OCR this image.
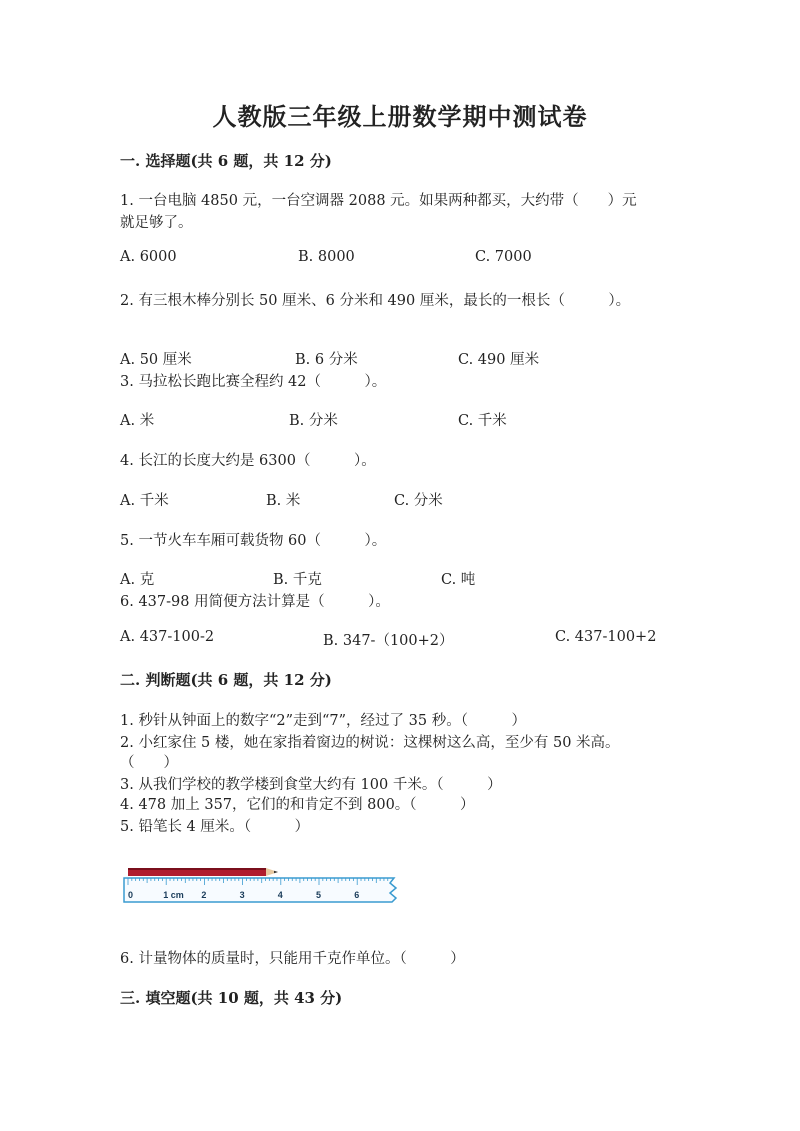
人教版三年级上册数学期中测试卷
一. 选择题(共 6 题，共 12 分)
1. 一台电脑 4850 元，一台空调器 2088 元。如果两种都买，大约带（　　）元
就足够了。
A. 6000	B. 8000	C. 7000
2. 有三根木棒分别长 50 厘米、6 分米和 490 厘米，最长的一根长（　　　）。
A. 50 厘米	B. 6 分米	C. 490 厘米
3. 马拉松长跑比赛全程约 42（　　　）。
A. 米	B. 分米	C. 千米
4. 长江的长度大约是 6300（　　　）。
A. 千米	B. 米	C. 分米
5. 一节火车车厢可载货物 60（　　　）。
A. 克	B. 千克	C. 吨
6. 437-98 用简便方法计算是（　　　）。
A. 437-100-2	B. 347-（100+2）	C. 437-100+2
二. 判断题(共 6 题，共 12 分)
1. 秒针从钟面上的数字“2”走到“7”，经过了 35 秒。（　　　）
2. 小红家住 5 楼，她在家指着窗边的树说：这棵树这么高，至少有 50 米高。
（　　）
3. 从我们学校的教学楼到食堂大约有 100 千米。（　　　）
4. 478 加上 357，它们的和肯定不到 800。（　　　）
5. 铅笔长 4 厘米。（　　　）
0	1 cm 2	3	4	5	6
6. 计量物体的质量时，只能用千克作单位。（　　　）
三. 填空题(共 10 题，共 43 分)
